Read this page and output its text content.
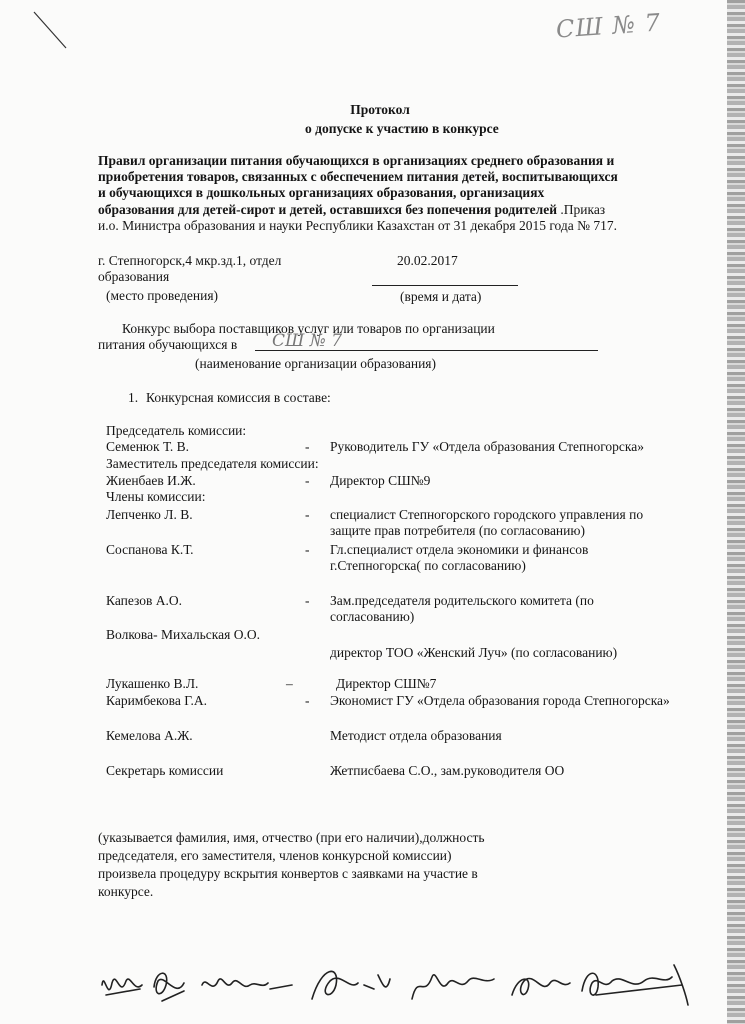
СШ № 7
Протокол
о допуске к участию в конкурсе
Правил организации питания обучающихся в организациях среднего образования и
приобретения товаров, связанных с обеспечением питания детей, воспитывающихся
и обучающихся в дошкольных организациях образования, организациях
образования для детей-сирот и детей, оставшихся без попечения родителей .Приказ
и.о. Министра образования и науки Республики Казахстан от 31 декабря 2015 года № 717.
г. Степногорск,4 мкр.зд.1, отдел
образования
(место проведения)
20.02.2017
(время и дата)
Конкурс выбора поставщиков услуг или товаров по организации
питания обучающихся в СШ № 7
(наименование организации образования)
1. Конкурсная комиссия в составе:
Председатель комиссии:
Семенюк Т. В.	- Руководитель ГУ «Отдела образования Степногорска»
Заместитель председателя комиссии:
Жиенбаев И.Ж.	- Директор СШ№9
Члены комиссии:
Лепченко Л. В.	- специалист Степногорского городского управления по
защите прав потребителя (по согласованию)
Соспанова К.Т.	- Гл.специалист отдела экономики и финансов
г.Степногорска( по согласованию)
Капезов А.О.	- Зам.председателя родительского комитета (по
согласованию)
Волкова- Михальская О.О.
директор ТОО «Женский Луч» (по согласованию)
Лукашенко В.Л.	–	Директор СШ№7
Каримбекова Г.А.	- Экономист ГУ «Отдела образования города Степногорска»
Кемелова А.Ж.	Методист отдела образования
Секретарь комиссии	Жетписбаева С.О., зам.руководителя ОО
(указывается фамилия, имя, отчество (при его наличии),должность
председателя, его заместителя, членов конкурсной комиссии)
произвела процедуру вскрытия конвертов с заявками на участие в
конкурсе.
